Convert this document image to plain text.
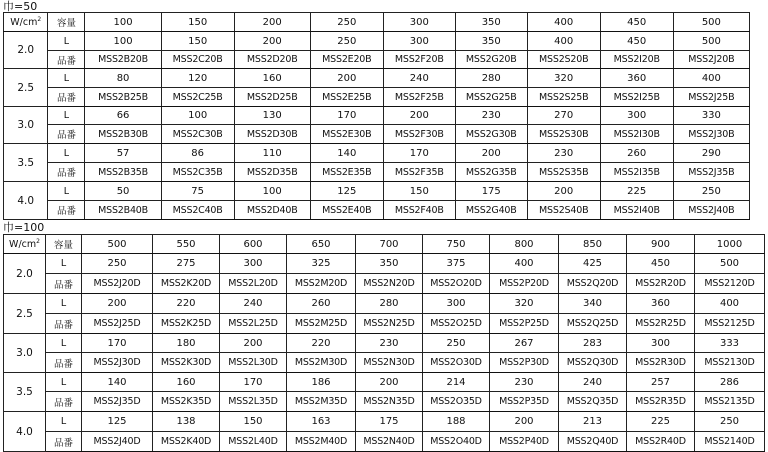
巾=50
$W/cm^2$	容量	100	150	200	250	300	350	400	450	500
2.0	L	100	150	200	250	300	350	400	450	500
	品番	MSS2B20B	MSS2C20B	MSS2D20B	MSS2E20B	MSS2F20B	MSS2G20B	MSS2S20B	MSS2I20B	MSS2J20B
2.5	L	80	120	160	200	240	280	320	360	400
	品番	MSS2B25B	MSS2C25B	MSS2D25B	MSS2E25B	MSS2F25B	MSS2G25B	MSS2S25B	MSS2I25B	MSS2J25B
3.0	L	66	100	130	170	200	230	270	300	330
	品番	MSS2B30B	MSS2C30B	MSS2D30B	MSS2E30B	MSS2F30B	MSS2G30B	MSS2S30B	MSS2I30B	MSS2J30B
3.5	L	57	86	110	140	170	200	230	260	290
	品番	MSS2B35B	MSS2C35B	MSS2D35B	MSS2E35B	MSS2F35B	MSS2G35B	MSS2S35B	MSS2I35B	MSS2J35B
4.0	L	50	75	100	125	150	175	200	225	250
	品番	MSS2B40B	MSS2C40B	MSS2D40B	MSS2E40B	MSS2F40B	MSS2G40B	MSS2S40B	MSS2I40B	MSS2J40B
巾=100
$W/cm^2$	容量	500	550	600	650	700	750	800	850	900	1000
2.0	L	250	275	300	325	350	375	400	425	450	500
	品番	MSS2J20D	MSS2K20D	MSS2L20D	MSS2M20D	MSS2N20D	MSS2O20D	MSS2P20D	MSS2Q20D	MSS2R20D	MSS2120D
2.5	L	200	220	240	260	280	300	320	340	360	400
	品番	MSS2J25D	MSS2K25D	MSS2L25D	MSS2M25D	MSS2N25D	MSS2O25D	MSS2P25D	MSS2Q25D	MSS2R25D	MSS2125D
3.0	L	170	180	200	220	230	250	267	283	300	333
	品番	MSS2J30D	MSS2K30D	MSS2L30D	MSS2M30D	MSS2N30D	MSS2O30D	MSS2P30D	MSS2Q30D	MSS2R30D	MSS2130D
3.5	L	140	160	170	186	200	214	230	240	257	286
	品番	MSS2J35D	MSS2K35D	MSS2L35D	MSS2M35D	MSS2N35D	MSS2O35D	MSS2P35D	MSS2Q35D	MSS2R35D	MSS2135D
4.0	L	125	138	150	163	175	188	200	213	225	250
	品番	MSS2J40D	MSS2K40D	MSS2L40D	MSS2M40D	MSS2N40D	MSS2O40D	MSS2P40D	MSS2Q40D	MSS2R40D	MSS2140D
